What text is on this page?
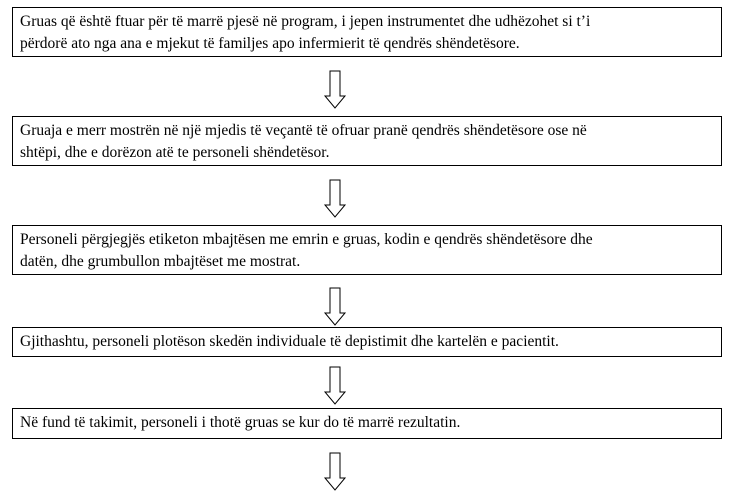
Gruas që është ftuar për të marrë pjesë në program, i jepen instrumentet dhe udhëzohet si t’i
përdorë ato nga ana e mjekut të familjes apo infermierit të qendrës shëndetësore.
Gruaja e merr mostrën në një mjedis të veçantë të ofruar pranë qendrës shëndetësore ose në
shtëpi, dhe e dorëzon atë te personeli shëndetësor.
Personeli përgjegjës etiketon mbajtësen me emrin e gruas, kodin e qendrës shëndetësore dhe
datën, dhe grumbullon mbajtëset me mostrat.
Gjithashtu, personeli plotëson skedën individuale të depistimit dhe kartelën e pacientit.
Në fund të takimit, personeli i thotë gruas se kur do të marrë rezultatin.
